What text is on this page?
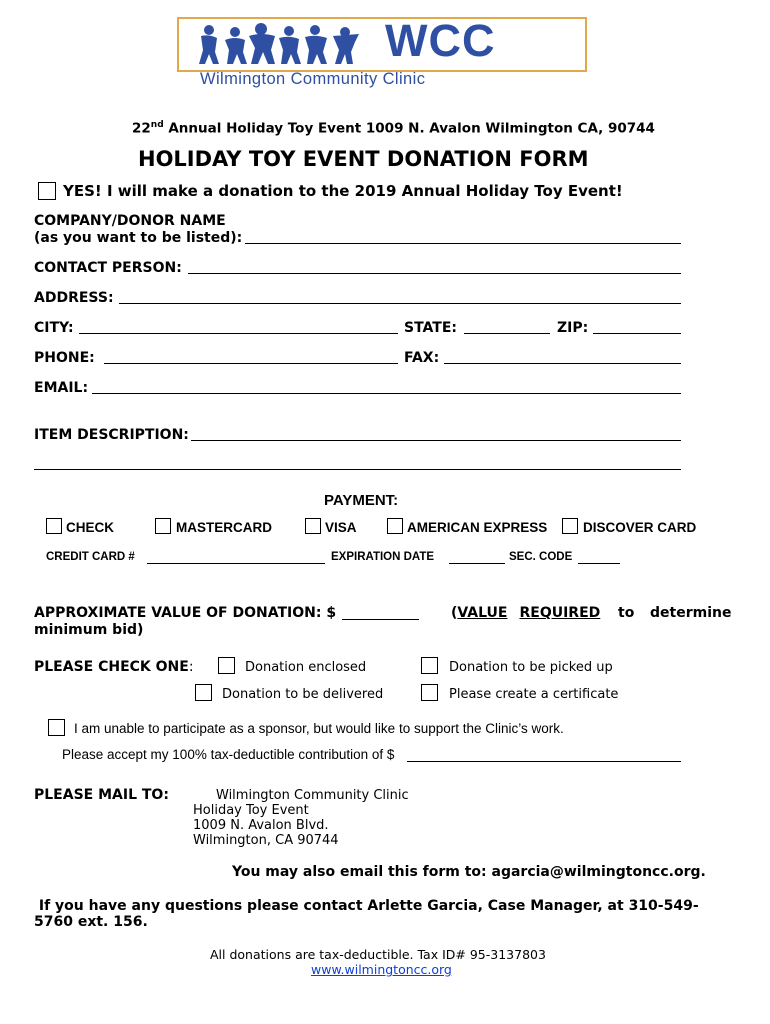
WCC
Wilmington Community Clinic
22nd Annual Holiday Toy Event 1009 N. Avalon Wilmington CA, 90744
HOLIDAY TOY EVENT DONATION FORM
YES! I will make a donation to the 2019 Annual Holiday Toy Event!
COMPANY/DONOR NAME
(as you want to be listed):
CONTACT PERSON:
ADDRESS:
CITY:	STATE:	ZIP:
PHONE:	FAX:
EMAIL:
ITEM DESCRIPTION:
PAYMENT:
CHECK	MASTERCARD	VISA	AMERICAN EXPRESS	DISCOVER CARD
CREDIT CARD #	EXPIRATION DATE	SEC. CODE
APPROXIMATE VALUE OF DONATION: $	(VALUE REQUIRED to determine
minimum bid)
PLEASE CHECK ONE:	Donation enclosed	Donation to be picked up
Donation to be delivered	Please create a certificate
I am unable to participate as a sponsor, but would like to support the Clinic’s work.
Please accept my 100% tax-deductible contribution of $
PLEASE MAIL TO:	Wilmington Community Clinic
Holiday Toy Event
1009 N. Avalon Blvd.
Wilmington, CA 90744
You may also email this form to: agarcia@wilmingtoncc.org.
If you have any questions please contact Arlette Garcia, Case Manager, at 310-549-
5760 ext. 156.
All donations are tax-deductible. Tax ID# 95-3137803
www.wilmingtoncc.org
